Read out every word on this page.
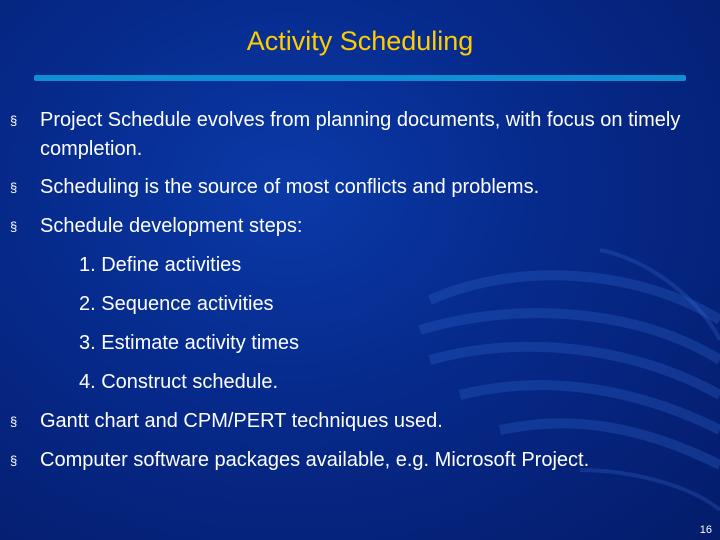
Activity Scheduling
§	Project Schedule evolves from planning documents, with focus on timely completion.
§	Scheduling is the source of most conflicts and problems.
§	Schedule development steps:
1. Define activities
2. Sequence activities
3. Estimate activity times
4. Construct schedule.
§	Gantt chart and CPM/PERT techniques used.
§	Computer software packages available, e.g. Microsoft Project.
16
